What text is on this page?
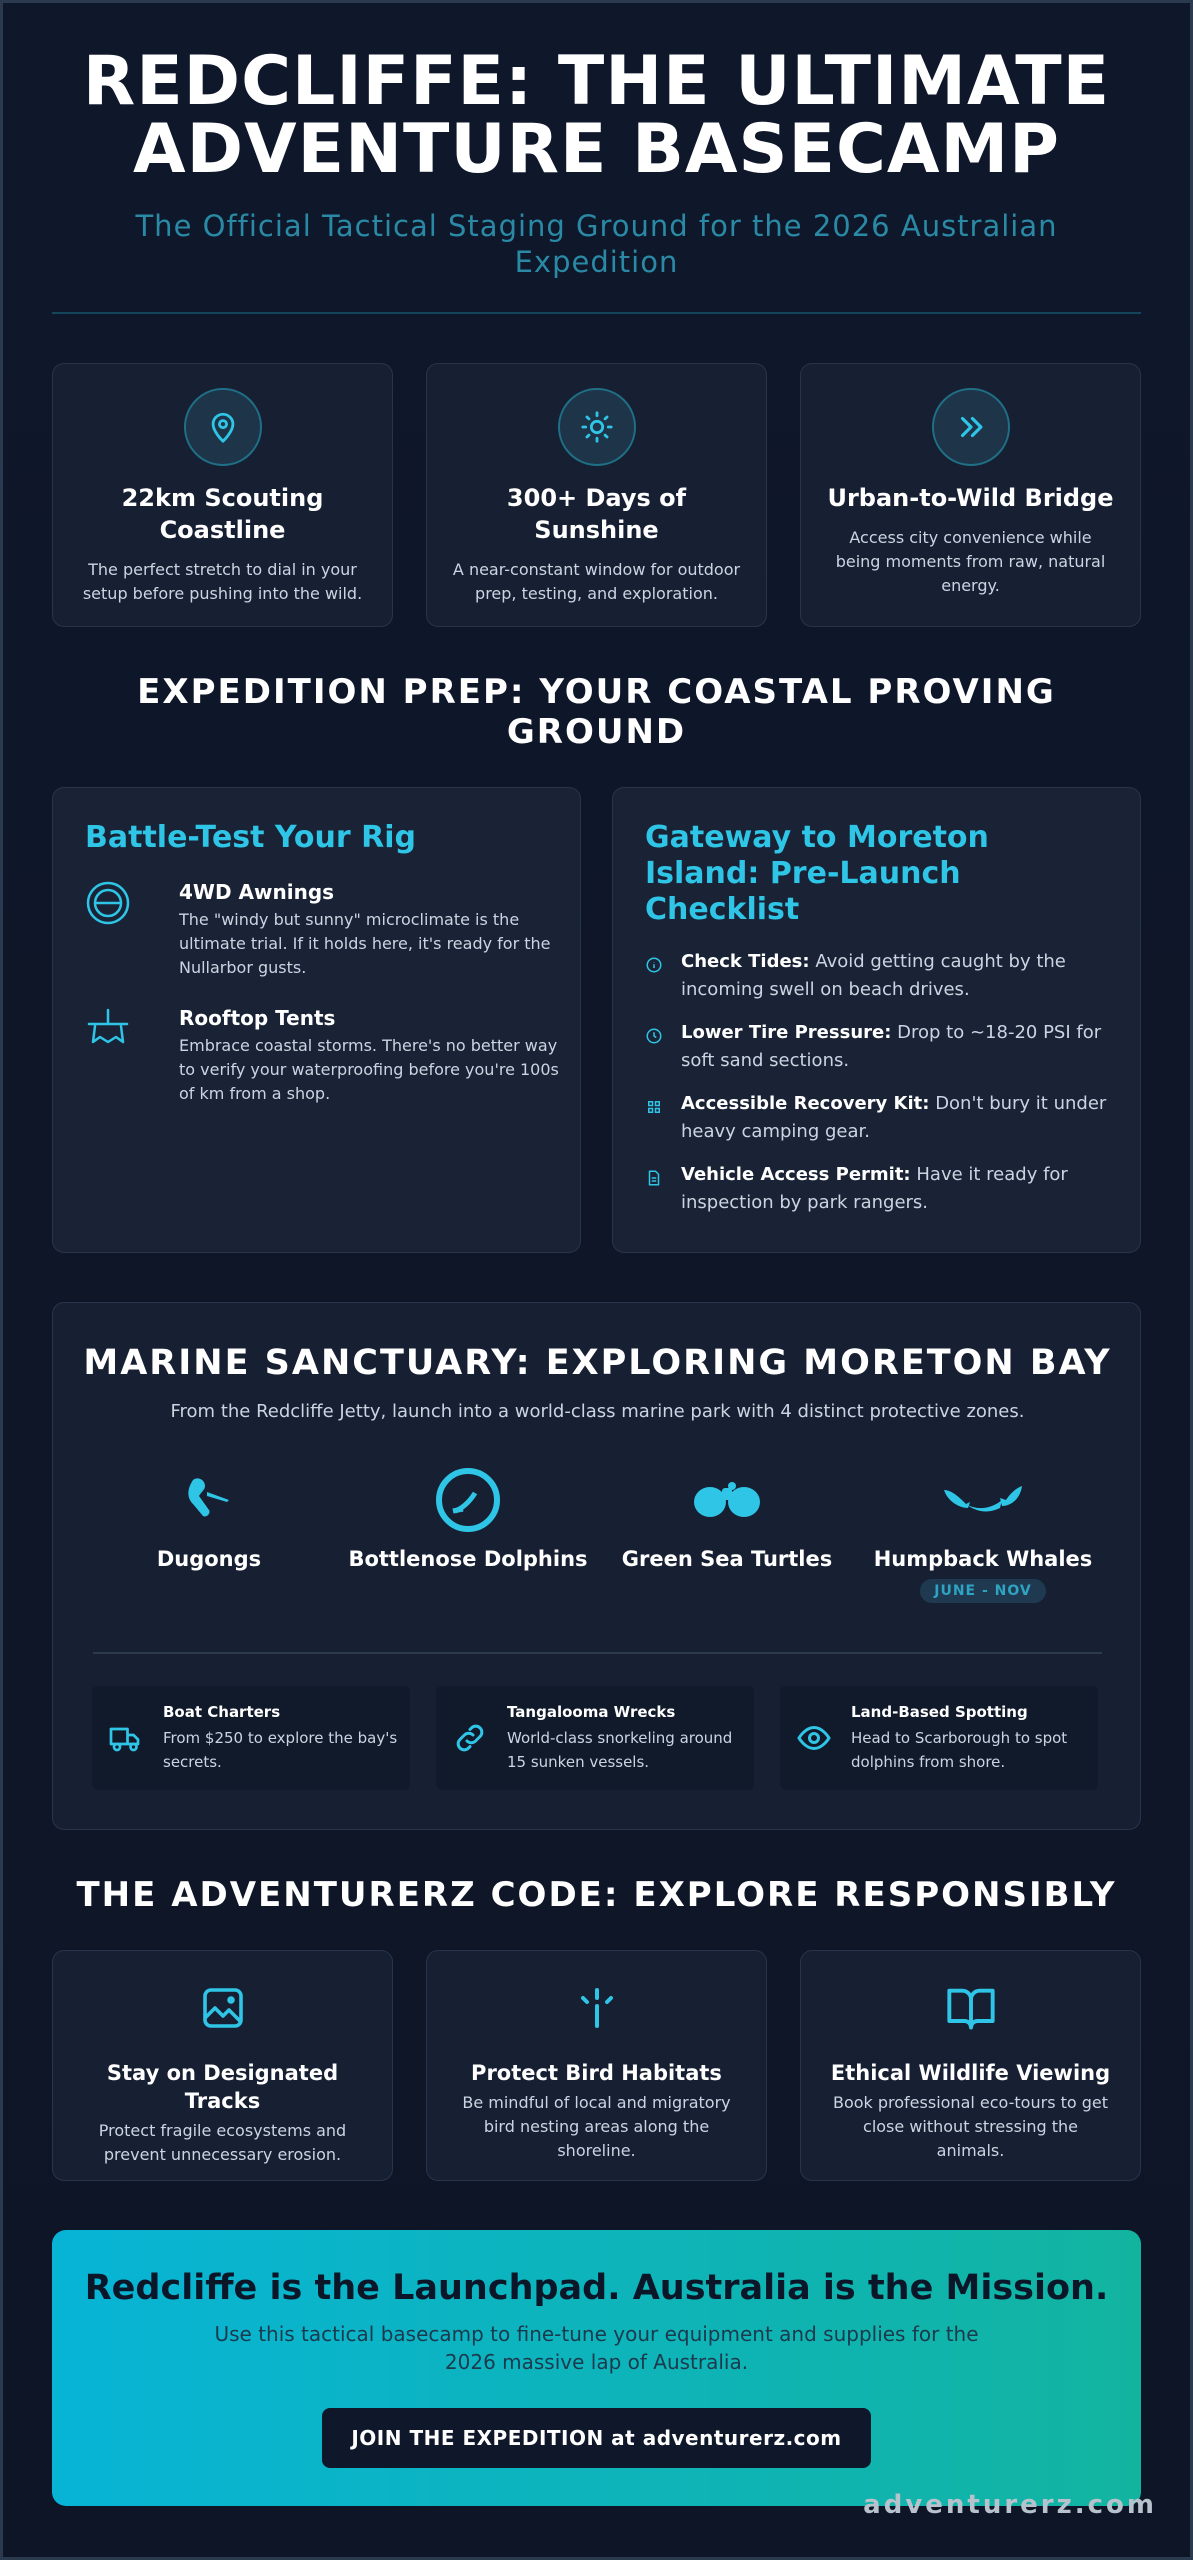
REDCLIFFE: THE ULTIMATE ADVENTURE BASECAMP

The Official Tactical Staging Ground for the 2026 Australian Expedition

22km Scouting Coastline
The perfect stretch to dial in your setup before pushing into the wild.
300+ Days of Sunshine
A near-constant window for outdoor prep, testing, and exploration.
Urban-to-Wild Bridge
Access city convenience while being moments from raw, natural energy.
EXPEDITION PREP: YOUR COASTAL PROVING GROUND
Battle-Test Your Rig
4WD Awnings
The "windy but sunny" microclimate is the ultimate trial. If it holds here, it's ready for the Nullarbor gusts.
Rooftop Tents
Embrace coastal storms. There's no better way to verify your waterproofing before you're 100s of km from a shop.
Gateway to Moreton Island: Pre-Launch Checklist
Check Tides: Avoid getting caught by the incoming swell on beach drives.
Lower Tire Pressure: Drop to ~18-20 PSI for soft sand sections.
Accessible Recovery Kit: Don't bury it under heavy camping gear.
Vehicle Access Permit: Have it ready for inspection by park rangers.
MARINE SANCTUARY: EXPLORING MORETON BAY

From the Redcliffe Jetty, launch into a world-class marine park with 4 distinct protective zones.

Dugongs	Bottlenose Dolphins	Green Sea Turtles	Humpback Whales
JUNE - NOV
Boat Charters
From $250 to explore the bay's secrets.
Tangalooma Wrecks
World-class snorkeling around 15 sunken vessels.
Land-Based Spotting
Head to Scarborough to spot dolphins from shore.
THE ADVENTURERZ CODE: EXPLORE RESPONSIBLY
Stay on Designated Tracks
Protect fragile ecosystems and prevent unnecessary erosion.
Protect Bird Habitats
Be mindful of local and migratory bird nesting areas along the shoreline.
Ethical Wildlife Viewing
Book professional eco-tours to get close without stressing the animals.
Redcliffe is the Launchpad. Australia is the Mission.
Use this tactical basecamp to fine-tune your equipment and supplies for the 2026 massive lap of Australia.
JOIN THE EXPEDITION at adventurerz.com
adventurerz.com
